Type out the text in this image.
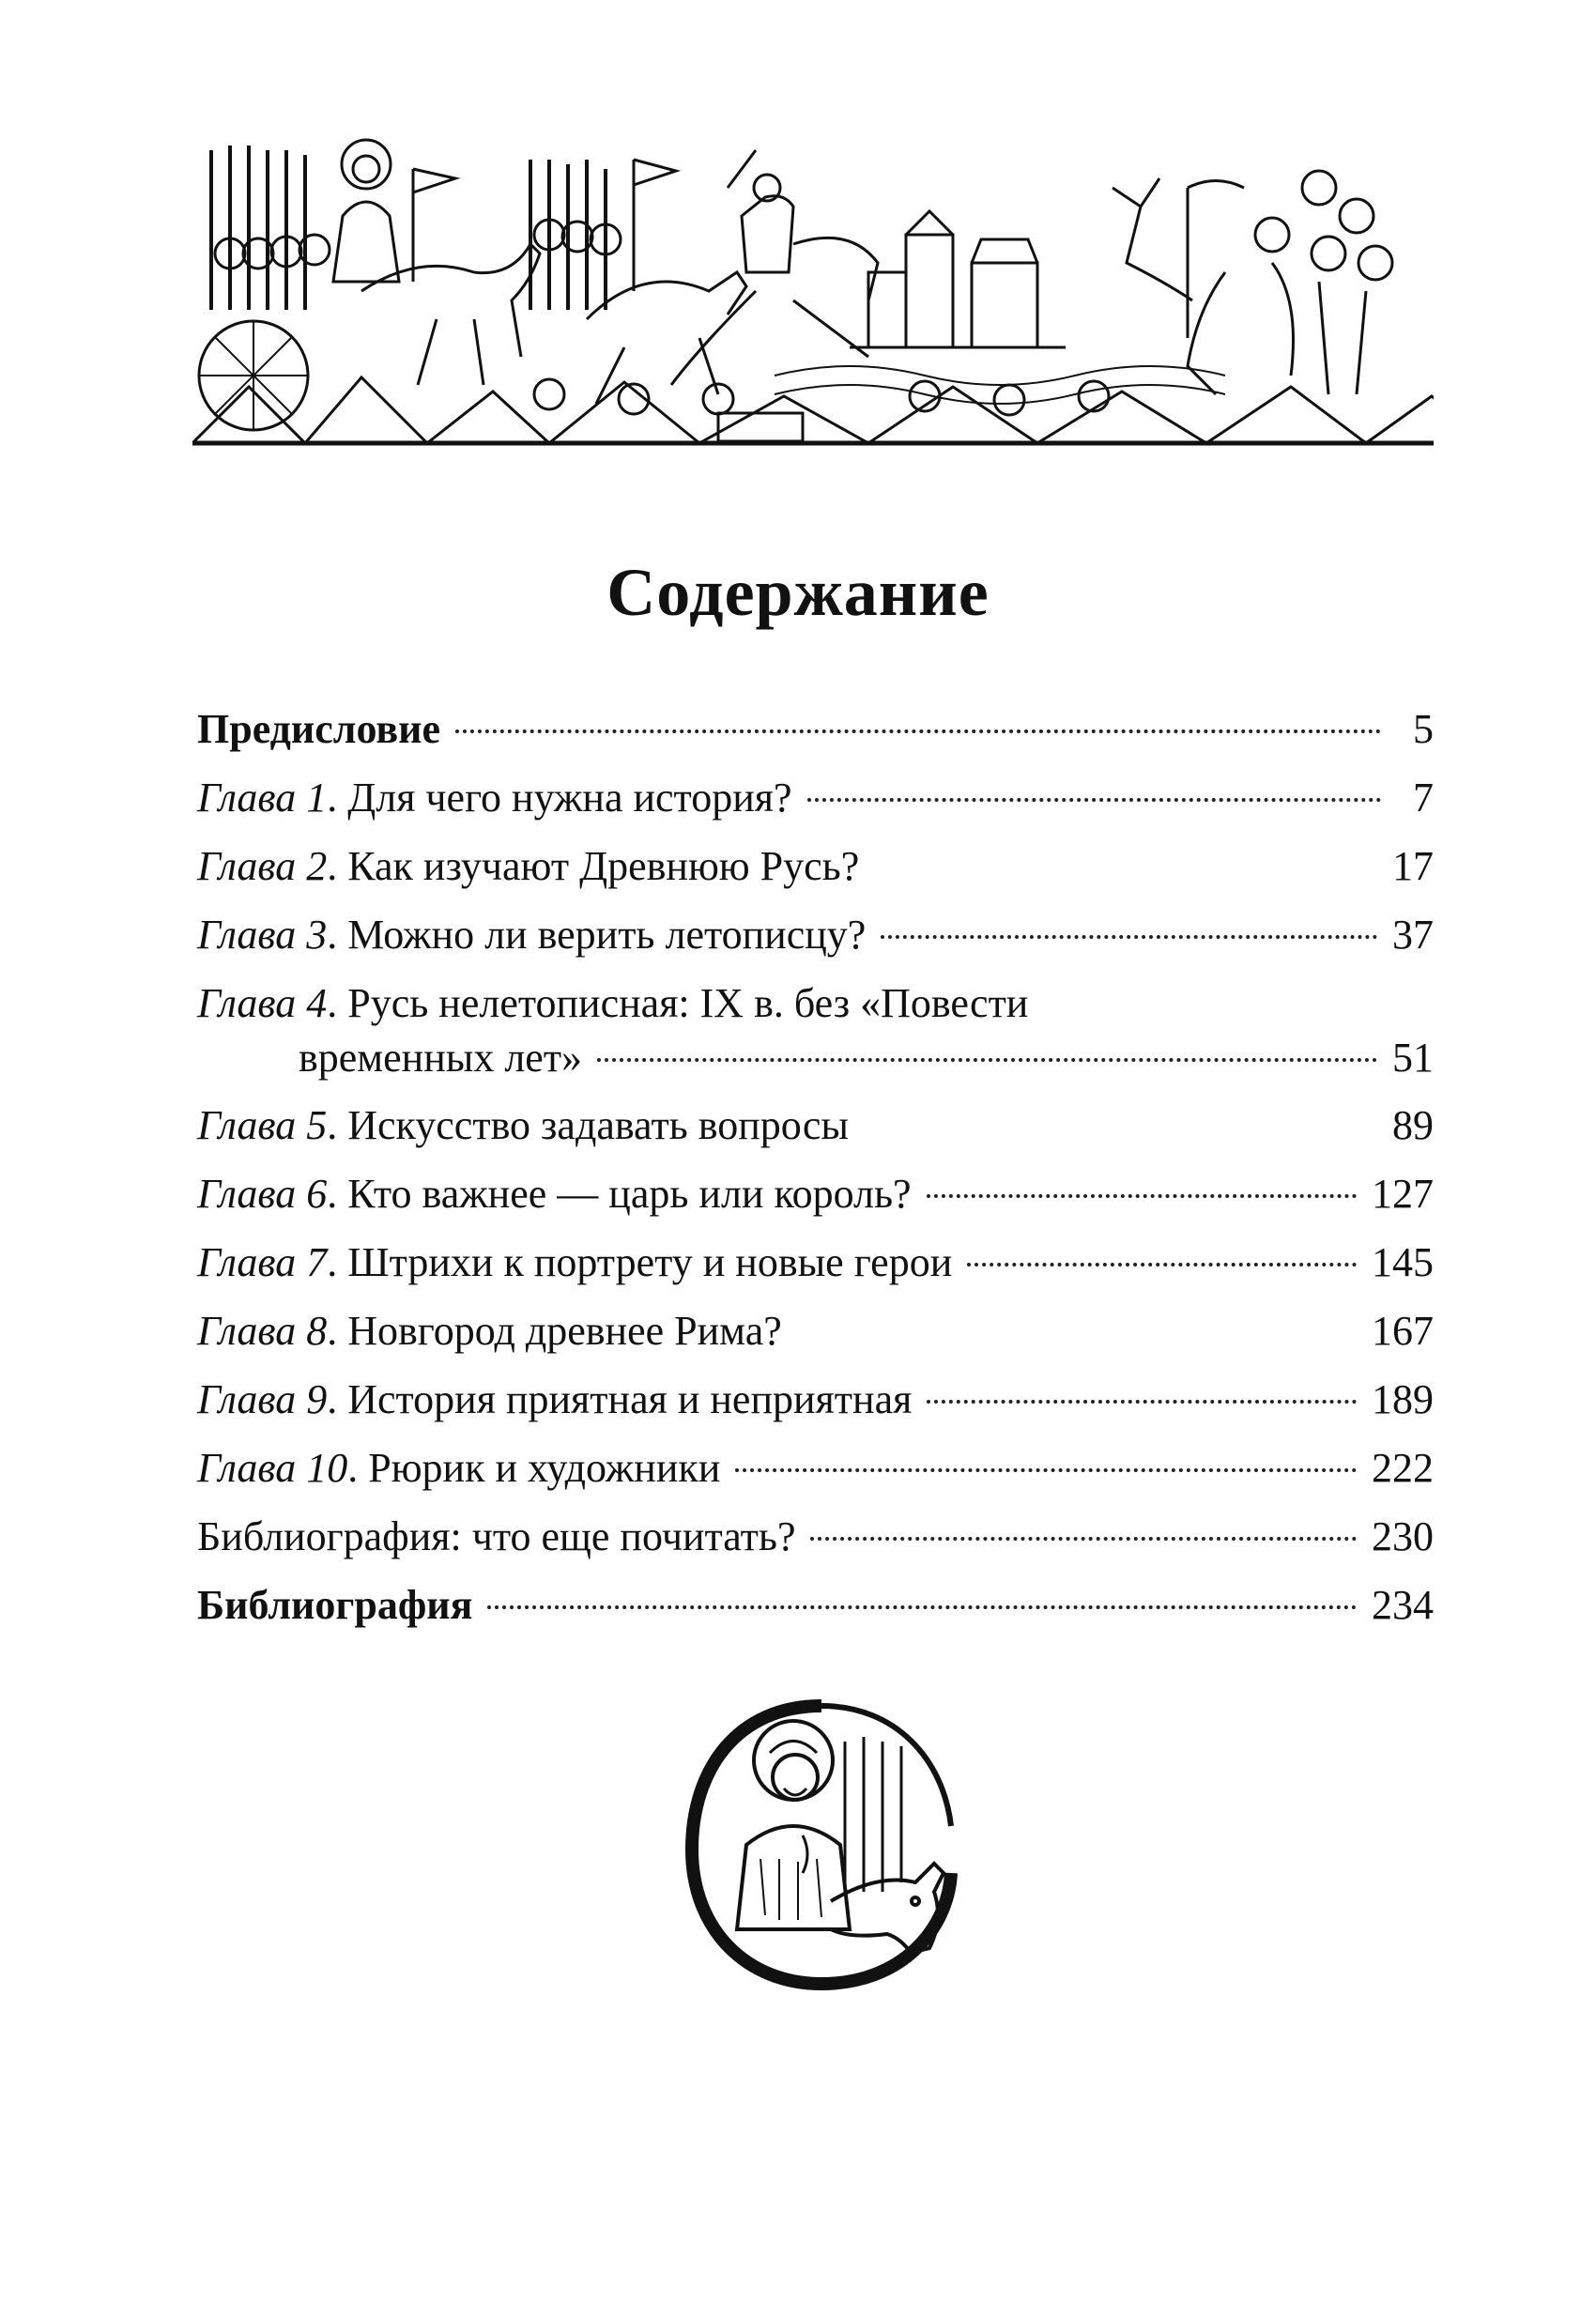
Содержание
Предисловие	5
Глава 1. Для чего нужна история?	7
Глава 2. Как изучают Древнюю Русь?	17
Глава 3. Можно ли верить летописцу?	37
Глава 4. Русь нелетописная: IX в. без «Повести
временных лет»	51
Глава 5. Искусство задавать вопросы	89
Глава 6. Кто важнее — царь или король?	127
Глава 7. Штрихи к портрету и новые герои	145
Глава 8. Новгород древнее Рима?	167
Глава 9. История приятная и неприятная	189
Глава 10. Рюрик и художники	222
Библиография: что еще почитать?	230
Библиография	234
